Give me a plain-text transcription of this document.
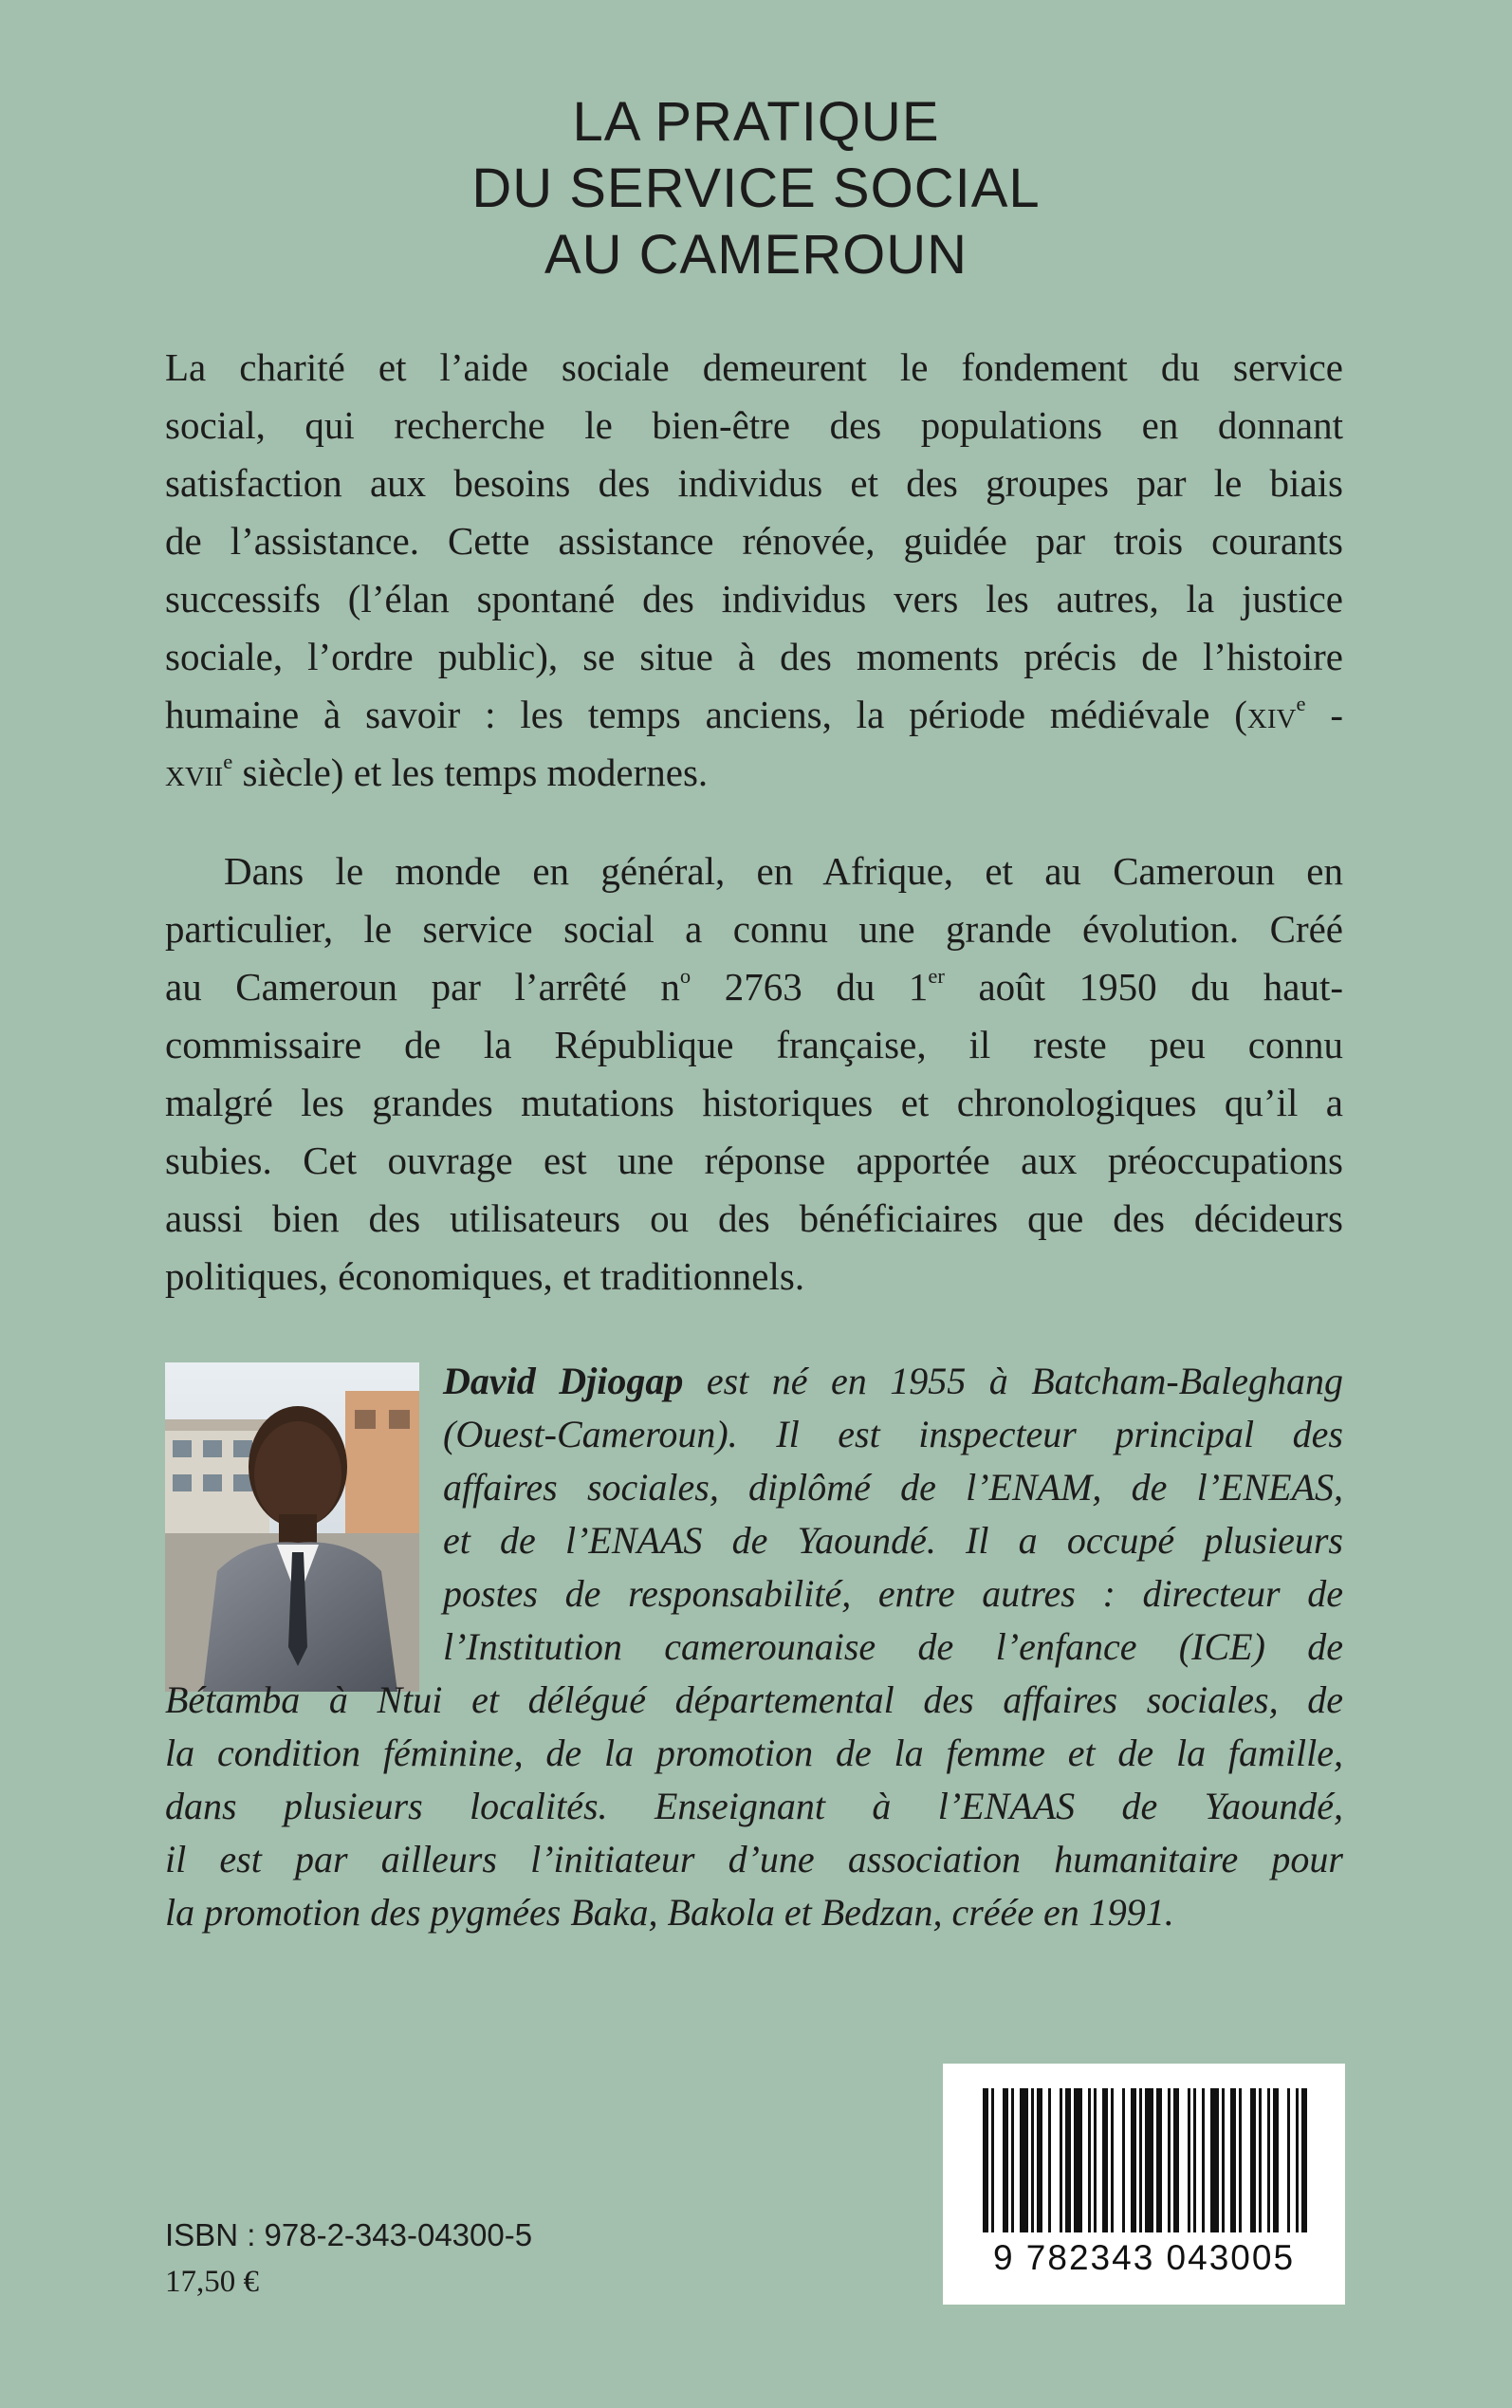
LA PRATIQUE
DU SERVICE SOCIAL
AU CAMEROUN
La charité et l’aide sociale demeurent le fondement du service
social, qui recherche le bien-être des populations en donnant
satisfaction aux besoins des individus et des groupes par le biais
de l’assistance. Cette assistance rénovée, guidée par trois courants
successifs (l’élan spontané des individus vers les autres, la justice
sociale, l’ordre public), se situe à des moments précis de l’histoire
humaine à savoir : les temps anciens, la période médiévale (xiv$^e$ -
xvii$^e$ siècle) et les temps modernes.
Dans le monde en général, en Afrique, et au Cameroun en
particulier, le service social a connu une grande évolution. Créé
au Cameroun par l’arrêté $n^o$ 2763 du 1er août 1950 du haut-
commissaire de la République française, il reste peu connu
malgré les grandes mutations historiques et chronologiques qu’il a
subies. Cet ouvrage est une réponse apportée aux préoccupations
aussi bien des utilisateurs ou des bénéficiaires que des décideurs
politiques, économiques, et traditionnels.
David Djiogap est né en 1955 à Batcham-Baleghang
(Ouest-Cameroun). Il est inspecteur principal des
affaires sociales, diplômé de l’ENAM, de l’ENEAS,
et de l’ENAAS de Yaoundé. Il a occupé plusieurs
postes de responsabilité, entre autres : directeur de
l’Institution camerounaise de l’enfance (ICE) de
Bétamba à Ntui et délégué départemental des affaires sociales, de
la condition féminine, de la promotion de la femme et de la famille,
dans plusieurs localités. Enseignant à l’ENAAS de Yaoundé,
il est par ailleurs l’initiateur d’une association humanitaire pour
la promotion des pygmées Baka, Bakola et Bedzan, créée en 1991.
ISBN : 978-2-343-04300-5
17,50 €
9 782343 043005
